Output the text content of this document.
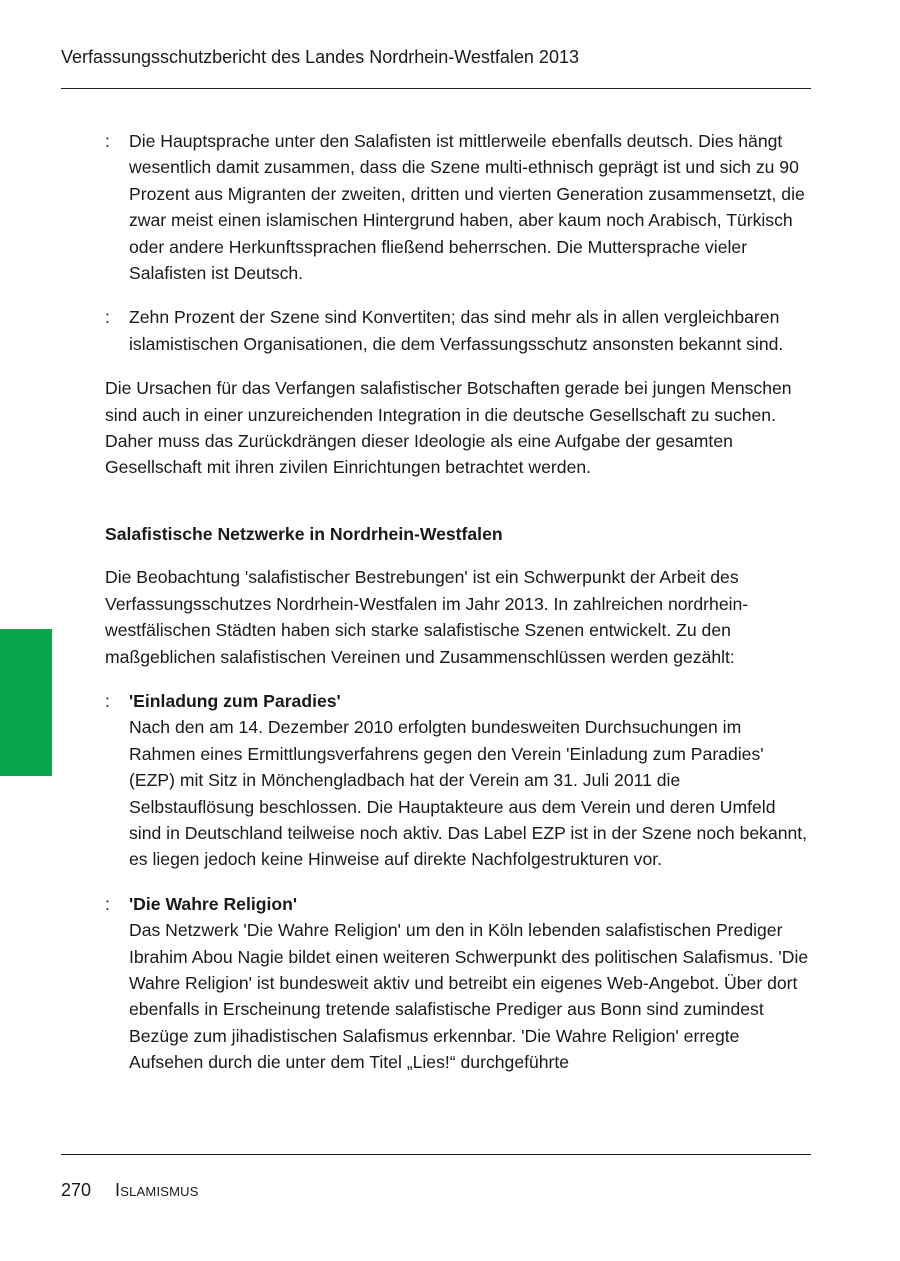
Verfassungsschutzbericht des Landes Nordrhein-Westfalen 2013
: Die Hauptsprache unter den Salafisten ist mittlerweile ebenfalls deutsch. Dies hängt wesentlich damit zusammen, dass die Szene multi-ethnisch geprägt ist und sich zu 90 Prozent aus Migranten der zweiten, dritten und vierten Generation zusammensetzt, die zwar meist einen islamischen Hintergrund haben, aber kaum noch Arabisch, Türkisch oder andere Herkunftssprachen fließend beherrschen. Die Muttersprache vieler Salafisten ist Deutsch.

: Zehn Prozent der Szene sind Konvertiten; das sind mehr als in allen vergleichbaren islamistischen Organisationen, die dem Verfassungsschutz ansonsten bekannt sind.

Die Ursachen für das Verfangen salafistischer Botschaften gerade bei jungen Menschen sind auch in einer unzureichenden Integration in die deutsche Gesellschaft zu suchen. Daher muss das Zurückdrängen dieser Ideologie als eine Aufgabe der gesamten Gesellschaft mit ihren zivilen Einrichtungen betrachtet werden.

Salafistische Netzwerke in Nordrhein-Westfalen

Die Beobachtung 'salafistischer Bestrebungen' ist ein Schwerpunkt der Arbeit des Verfassungsschutzes Nordrhein-Westfalen im Jahr 2013. In zahlreichen nordrhein-westfälischen Städten haben sich starke salafistische Szenen entwickelt. Zu den maßgeblichen salafistischen Vereinen und Zusammenschlüssen werden gezählt:

: 'Einladung zum Paradies'

Nach den am 14. Dezember 2010 erfolgten bundesweiten Durchsuchungen im Rahmen eines Ermittlungsverfahrens gegen den Verein 'Einladung zum Paradies' (EZP) mit Sitz in Mönchengladbach hat der Verein am 31. Juli 2011 die Selbstauflösung beschlossen. Die Hauptakteure aus dem Verein und deren Umfeld sind in Deutschland teilweise noch aktiv. Das Label EZP ist in der Szene noch bekannt, es liegen jedoch keine Hinweise auf direkte Nachfolgestrukturen vor.

: 'Die Wahre Religion'

Das Netzwerk 'Die Wahre Religion' um den in Köln lebenden salafistischen Prediger Ibrahim Abou Nagie bildet einen weiteren Schwerpunkt des politischen Salafismus. 'Die Wahre Religion' ist bundesweit aktiv und betreibt ein eigenes Web-Angebot. Über dort ebenfalls in Erscheinung tretende salafistische Prediger aus Bonn sind zumindest Bezüge zum jihadistischen Salafismus erkennbar. 'Die Wahre Religion' erregte Aufsehen durch die unter dem Titel „Lies!“ durchgeführte

270 Islamismus
